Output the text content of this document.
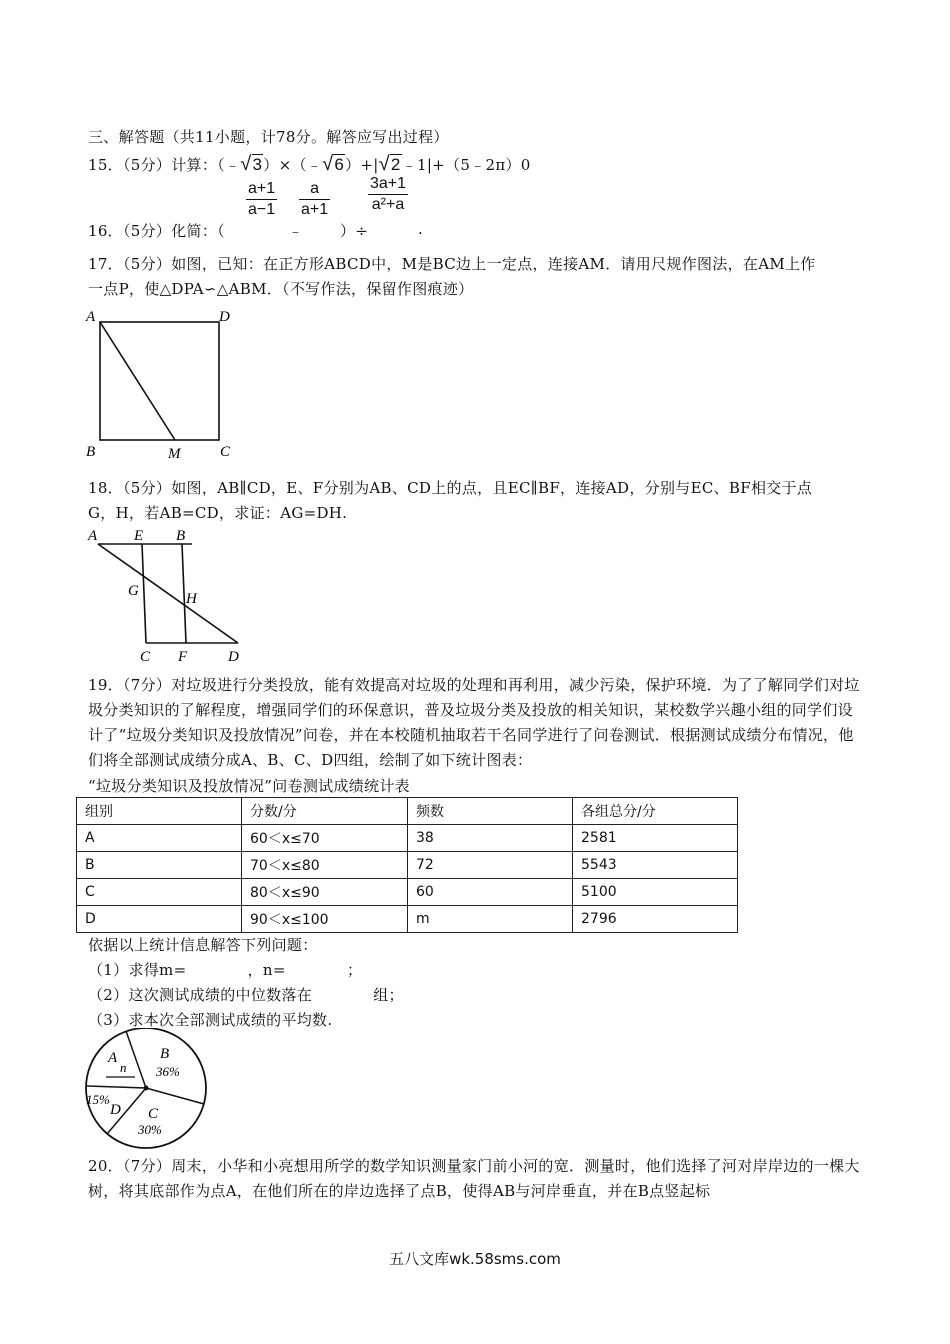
三、解答题（共11小题，计78分。解答应写出过程）
15．（5分）计算：（﹣√3）×（﹣√6）+|√2﹣1|+（5﹣2π）0
a+1
a−1
a
a+1
3a+1
a²+a
16．（5分）化简：（	﹣ ）÷	.
17．（5分）如图，已知：在正方形ABCD中，M是BC边上一定点，连接AM．请用尺规作图法，在AM上作
一点P，使△DPA∽△ABM．（不写作法，保留作图痕迹）
A	D
B	M	C
18．（5分）如图，AB∥CD，E、F分别为AB、CD上的点，且EC∥BF，连接AD，分别与EC、BF相交于点
G，H，若AB=CD，求证：AG=DH.
A E B
G	H
C F	D
19．（7分）对垃圾进行分类投放，能有效提高对垃圾的处理和再利用，减少污染，保护环境．为了了解同学们对垃圾分类知识的了解程度，增强同学们的环保意识，普及垃圾分类及投放的相关知识，某校数学兴趣小组的同学们设计了“垃圾分类知识及投放情况”问卷，并在本校随机抽取若干名同学进行了问卷测试．根据测试成绩分布情况，他们将全部测试成绩分成A、B、C、D四组，绘制了如下统计图表：
“垃圾分类知识及投放情况”问卷测试成绩统计表
组别	分数/分	频数	各组总分/分
A	60＜x≤70	38	2581
B	70＜x≤80	72	5543
C	80＜x≤90	60	5100
D	90＜x≤100	m	2796
依据以上统计信息解答下列问题：
（1）求得m=　　　　，n=　　　　；
（2）这次测试成绩的中位数落在　　　　组；
（3）求本次全部测试成绩的平均数.
A
n
B
36%
C
30%
D
15%
20．（7分）周末，小华和小亮想用所学的数学知识测量家门前小河的宽．测量时，他们选择了河对岸岸边的一棵大树，将其底部作为点A，在他们所在的岸边选择了点B，使得AB与河岸垂直，并在B点竖起标
五八文库wk.58sms.com
